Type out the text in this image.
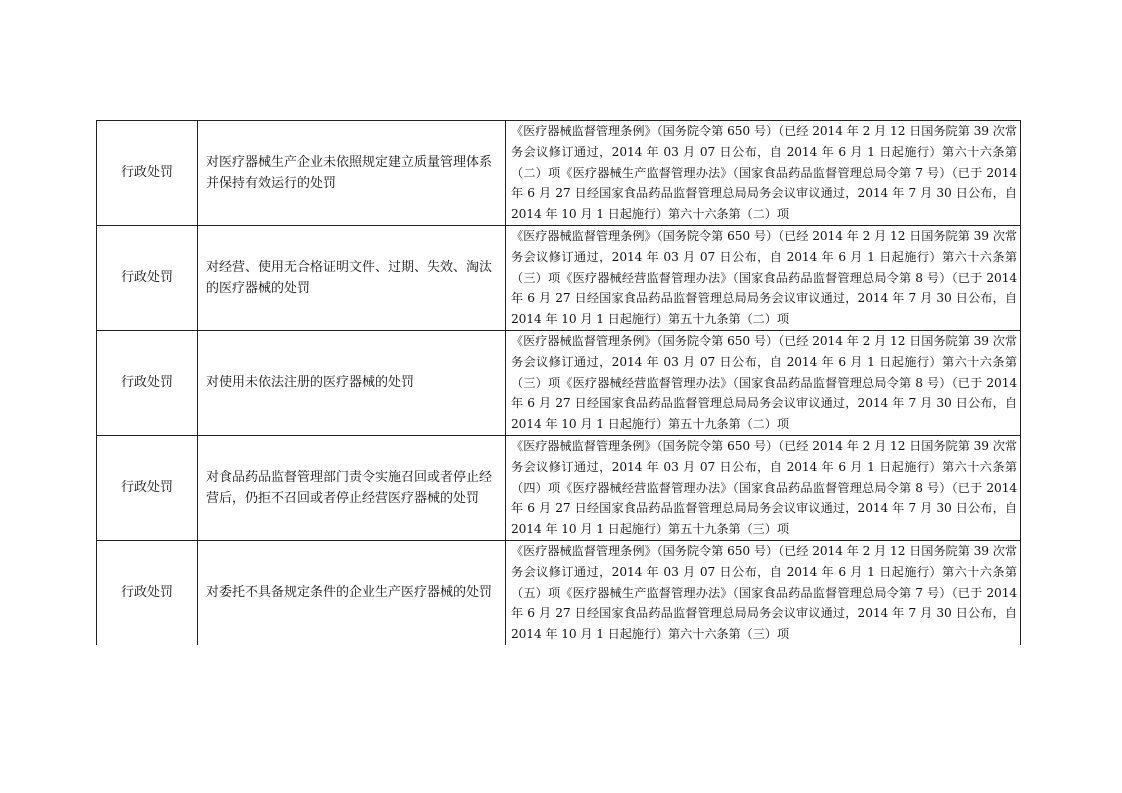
行政处罚	对医疗器械生产企业未依照规定建立质量管理体系并保持有效运行的处罚	《医疗器械监督管理条例》（国务院令第 650 号）（已经 2014 年 2 月 12 日国务院第 39 次常务会议修订通过，2014 年 03 月 07 日公布，自 2014 年 6 月 1 日起施行）第六十六条第（二）项《医疗器械生产监督管理办法》（国家食品药品监督管理总局令第 7 号）（已于 2014 年 6 月 27 日经国家食品药品监督管理总局局务会议审议通过，2014 年 7 月 30 日公布，自 2014 年 10 月 1 日起施行）第六十六条第（二）项
行政处罚	对经营、使用无合格证明文件、过期、失效、淘汰的医疗器械的处罚	《医疗器械监督管理条例》（国务院令第 650 号）（已经 2014 年 2 月 12 日国务院第 39 次常务会议修订通过，2014 年 03 月 07 日公布，自 2014 年 6 月 1 日起施行）第六十六条第（三）项《医疗器械经营监督管理办法》（国家食品药品监督管理总局令第 8 号）（已于 2014 年 6 月 27 日经国家食品药品监督管理总局局务会议审议通过，2014 年 7 月 30 日公布，自 2014 年 10 月 1 日起施行）第五十九条第（二）项
行政处罚	对使用未依法注册的医疗器械的处罚	《医疗器械监督管理条例》（国务院令第 650 号）（已经 2014 年 2 月 12 日国务院第 39 次常务会议修订通过，2014 年 03 月 07 日公布，自 2014 年 6 月 1 日起施行）第六十六条第（三）项《医疗器械经营监督管理办法》（国家食品药品监督管理总局令第 8 号）（已于 2014 年 6 月 27 日经国家食品药品监督管理总局局务会议审议通过，2014 年 7 月 30 日公布，自 2014 年 10 月 1 日起施行）第五十九条第（二）项
行政处罚	对食品药品监督管理部门责令实施召回或者停止经营后，仍拒不召回或者停止经营医疗器械的处罚	《医疗器械监督管理条例》（国务院令第 650 号）（已经 2014 年 2 月 12 日国务院第 39 次常务会议修订通过，2014 年 03 月 07 日公布，自 2014 年 6 月 1 日起施行）第六十六条第（四）项《医疗器械经营监督管理办法》（国家食品药品监督管理总局令第 8 号）（已于 2014 年 6 月 27 日经国家食品药品监督管理总局局务会议审议通过，2014 年 7 月 30 日公布，自 2014 年 10 月 1 日起施行）第五十九条第（三）项
行政处罚	对委托不具备规定条件的企业生产医疗器械的处罚	《医疗器械监督管理条例》（国务院令第 650 号）（已经 2014 年 2 月 12 日国务院第 39 次常务会议修订通过，2014 年 03 月 07 日公布，自 2014 年 6 月 1 日起施行）第六十六条第（五）项《医疗器械生产监督管理办法》（国家食品药品监督管理总局令第 7 号）（已于 2014 年 6 月 27 日经国家食品药品监督管理总局局务会议审议通过，2014 年 7 月 30 日公布，自 2014 年 10 月 1 日起施行）第六十六条第（三）项
